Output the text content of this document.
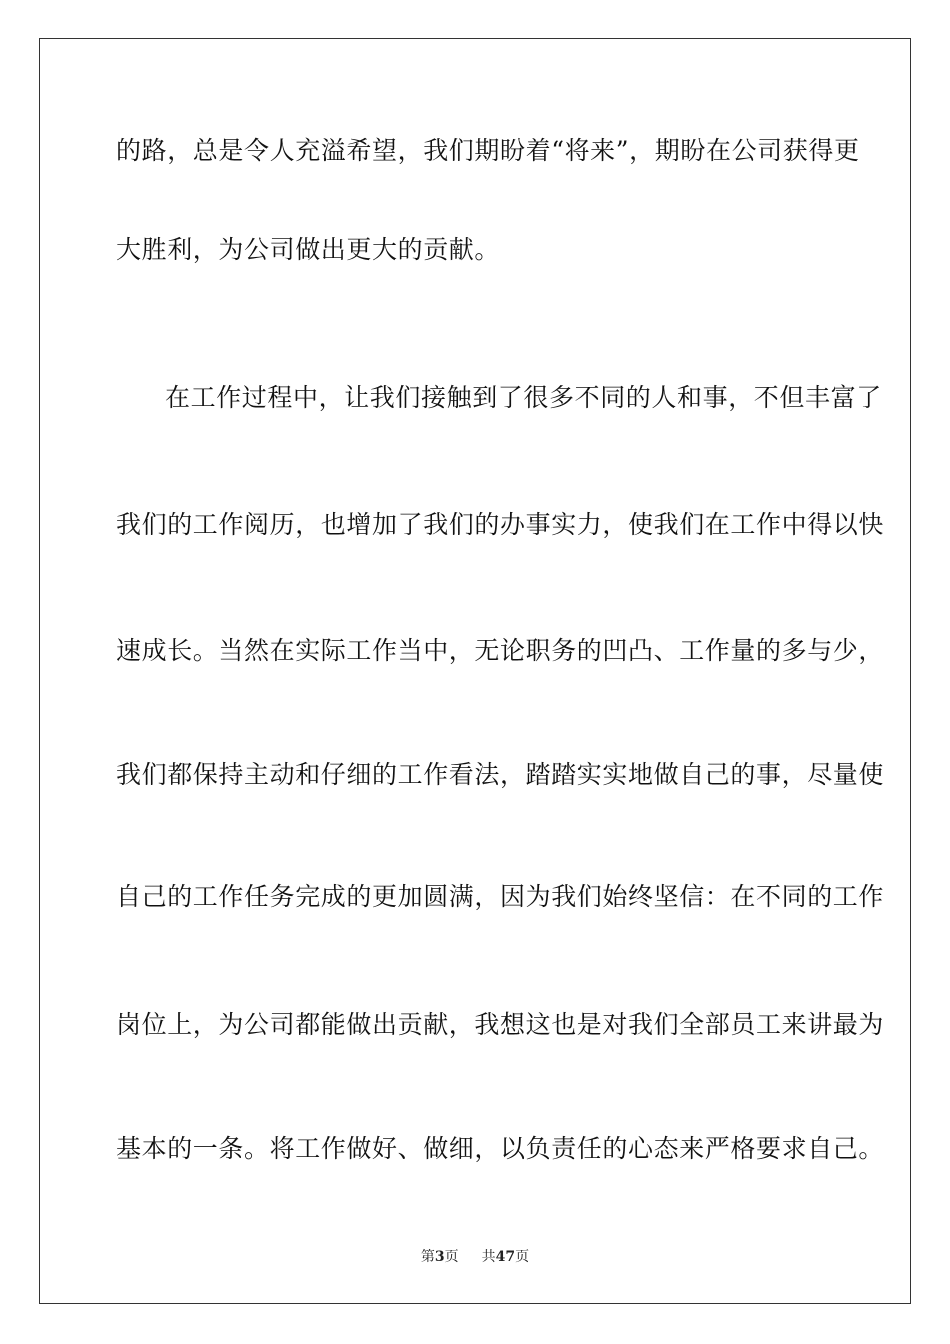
的路，总是令人充溢希望，我们期盼着“将来”，期盼在公司获得更
大胜利，为公司做出更大的贡献。
在工作过程中，让我们接触到了很多不同的人和事，不但丰富了
我们的工作阅历，也增加了我们的办事实力，使我们在工作中得以快
速成长。当然在实际工作当中，无论职务的凹凸、工作量的多与少，
我们都保持主动和仔细的工作看法，踏踏实实地做自己的事，尽量使
自己的工作任务完成的更加圆满，因为我们始终坚信：在不同的工作
岗位上，为公司都能做出贡献，我想这也是对我们全部员工来讲最为
基本的一条。将工作做好、做细，以负责任的心态来严格要求自己。
第3页 共47页
